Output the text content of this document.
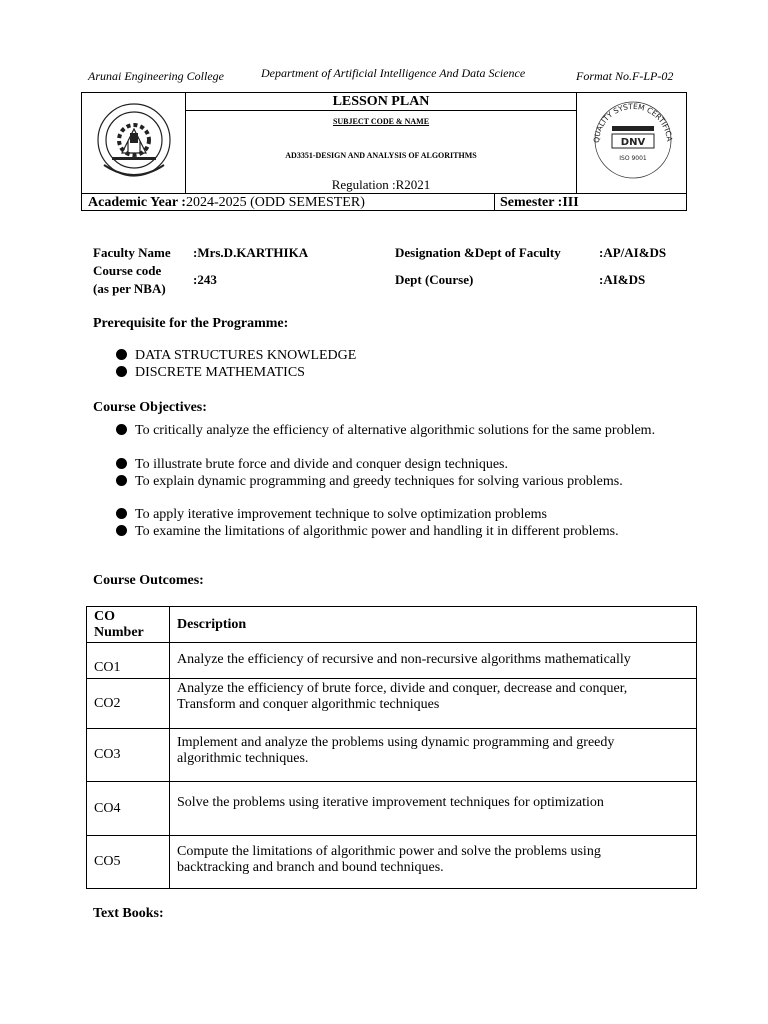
Arunai Engineering College	Department of Artificial Intelligence And Data Science	Format No.F-LP-02
LESSON PLAN
SUBJECT CODE & NAME
AD3351-DESIGN AND ANALYSIS OF ALGORITHMS
Regulation :R2021
QUALITY SYSTEM CERTIFICA
DNV
ISO 9001
Academic Year :2024-2025 (ODD SEMESTER)	Semester :III
Faculty Name :Mrs.D.KARTHIKA	Designation &Dept of Faculty	:AP/AI&DS
Course code
(as per NBA)
:243	Dept (Course)	:AI&DS
Prerequisite for the Programme:
DATA STRUCTURES KNOWLEDGE
DISCRETE MATHEMATICS
Course Objectives:
To critically analyze the efficiency of alternative algorithmic solutions for the same problem.
To illustrate brute force and divide and conquer design techniques.
To explain dynamic programming and greedy techniques for solving various problems.
To apply iterative improvement technique to solve optimization problems
To examine the limitations of algorithmic power and handling it in different problems.
Course Outcomes:
CO Number	Description
CO1	Analyze the efficiency of recursive and non-recursive algorithms mathematically
CO2	Analyze the efficiency of brute force, divide and conquer, decrease and conquer, Transform and conquer algorithmic techniques
CO3	Implement and analyze the problems using dynamic programming and greedy algorithmic techniques.
CO4	Solve the problems using iterative improvement techniques for optimization
CO5	Compute the limitations of algorithmic power and solve the problems using backtracking and branch and bound techniques.
Text Books:
